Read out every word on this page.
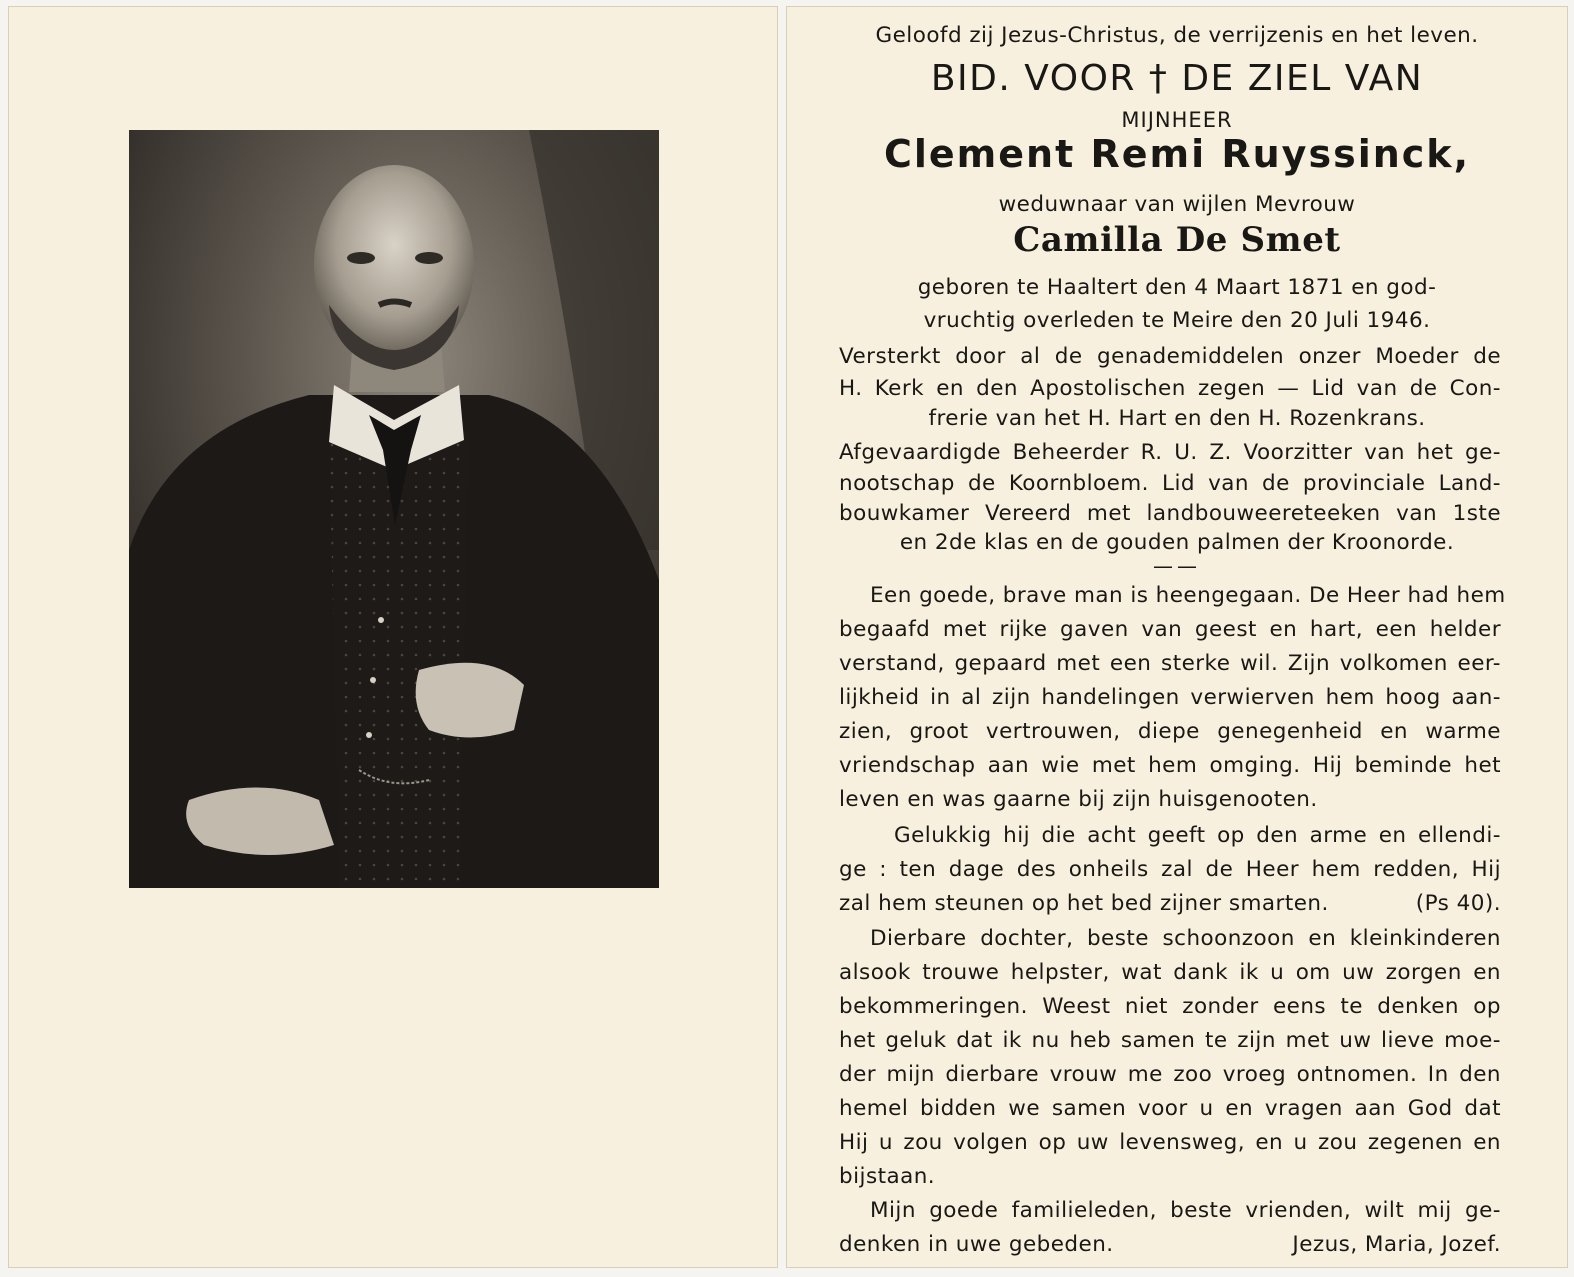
Geloofd zij Jezus-Christus, de verrijzenis en het leven.
BID. VOOR † DE ZIEL VAN
MIJNHEER
Clement Remi Ruyssinck,
weduwnaar van wijlen Mevrouw
Camilla De Smet
geboren te Haaltert den 4 Maart 1871 en god-
vruchtig overleden te Meire den 20 Juli 1946.
Versterkt door al de genademiddelen onzer Moeder de
H. Kerk en den Apostolischen zegen — Lid van de Con-
frerie van het H. Hart en den H. Rozenkrans.
Afgevaardigde Beheerder R. U. Z. Voorzitter van het ge-
nootschap de Koornbloem. Lid van de provinciale Land-
bouwkamer Vereerd met landbouweereteeken van 1ste
en 2de klas en de gouden palmen der Kroonorde.
——
Een goede, brave man is heengegaan. De Heer had hem
begaafd met rijke gaven van geest en hart, een helder
verstand, gepaard met een sterke wil. Zijn volkomen eer-
lijkheid in al zijn handelingen verwierven hem hoog aan-
zien, groot vertrouwen, diepe genegenheid en warme
vriendschap aan wie met hem omging. Hij beminde het
leven en was gaarne bij zijn huisgenooten.
Gelukkig hij die acht geeft op den arme en ellendi-
ge : ten dage des onheils zal de Heer hem redden, Hij
zal hem steunen op het bed zijner smarten.	(Ps 40).
Dierbare dochter, beste schoonzoon en kleinkinderen
alsook trouwe helpster, wat dank ik u om uw zorgen en
bekommeringen. Weest niet zonder eens te denken op
het geluk dat ik nu heb samen te zijn met uw lieve moe-
der mijn dierbare vrouw me zoo vroeg ontnomen. In den
hemel bidden we samen voor u en vragen aan God dat
Hij u zou volgen op uw levensweg, en u zou zegenen en
bijstaan.
Mijn goede familieleden, beste vrienden, wilt mij ge-
denken in uwe gebeden.	Jezus, Maria, Jozef.
